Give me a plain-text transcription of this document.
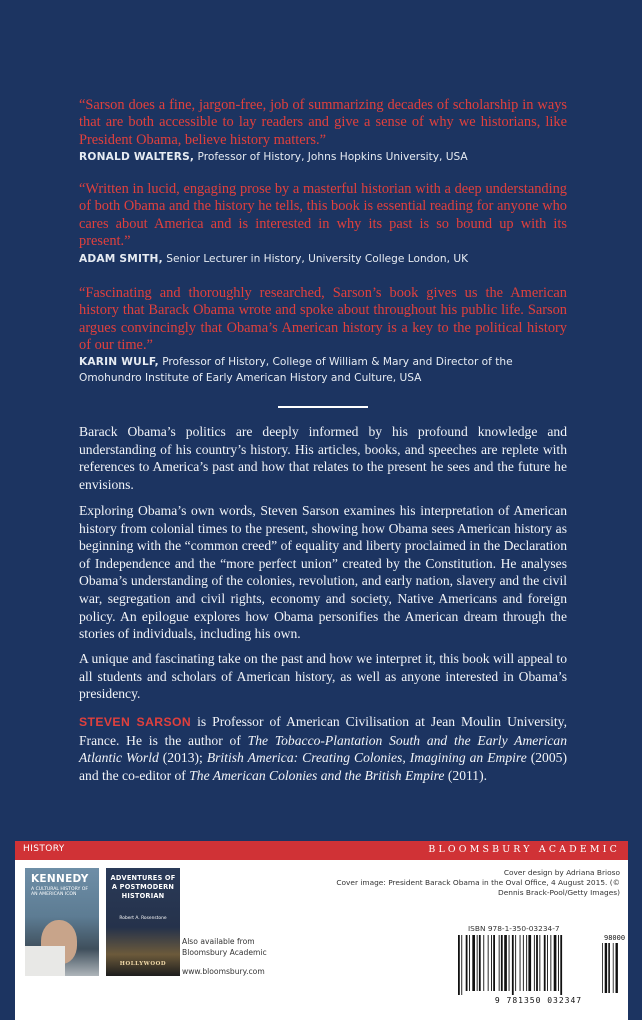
“Sarson does a fine, jargon-free, job of summarizing decades of scholarship in ways that are both accessible to lay readers and give a sense of why we historians, like President Obama, believe history matters.”
RONALD WALTERS, Professor of History, Johns Hopkins University, USA
“Written in lucid, engaging prose by a masterful historian with a deep understanding of both Obama and the history he tells, this book is essential reading for anyone who cares about America and is interested in why its past is so bound up with its present.”
ADAM SMITH, Senior Lecturer in History, University College London, UK
“Fascinating and thoroughly researched, Sarson’s book gives us the American history that Barack Obama wrote and spoke about throughout his public life. Sarson argues convincingly that Obama’s American history is a key to the political history of our time.”
KARIN WULF, Professor of History, College of William & Mary and Director of the Omohundro Institute of Early American History and Culture, USA
Barack Obama’s politics are deeply informed by his profound knowledge and understanding of his country’s history. His articles, books, and speeches are replete with references to America’s past and how that relates to the present he sees and the future he envisions.
Exploring Obama’s own words, Steven Sarson examines his interpretation of American history from colonial times to the present, showing how Obama sees American history as beginning with the “common creed” of equality and liberty proclaimed in the Declaration of Independence and the “more perfect union” created by the Constitution. He analyses Obama’s understanding of the colonies, revolution, and early nation, slavery and the civil war, segregation and civil rights, economy and society, Native Americans and foreign policy. An epilogue explores how Obama personifies the American dream through the stories of individuals, including his own.
A unique and fascinating take on the past and how we interpret it, this book will appeal to all students and scholars of American history, as well as anyone interested in Obama’s presidency.
STEVEN SARSON is Professor of American Civilisation at Jean Moulin University, France. He is the author of The Tobacco-Plantation South and the Early American Atlantic World (2013); British America: Creating Colonies, Imagining an Empire (2005) and the co-editor of The American Colonies and the British Empire (2011).
HISTORY	BLOOMSBURY ACADEMIC
KENNEDY
A CULTURAL HISTORY OF AN AMERICAN ICON
ADVENTURES OF A POSTMODERN HISTORIAN
Robert A. Rosenstone
HOLLYWOOD
Also available from Bloomsbury Academic
www.bloomsbury.com
Cover design by Adriana Brioso
Cover image: President Barack Obama in the Oval Office, 4 August 2015. (© Dennis Brack-Pool/Getty Images)
ISBN 978-1-350-03234-7
98000
9 781350 032347
